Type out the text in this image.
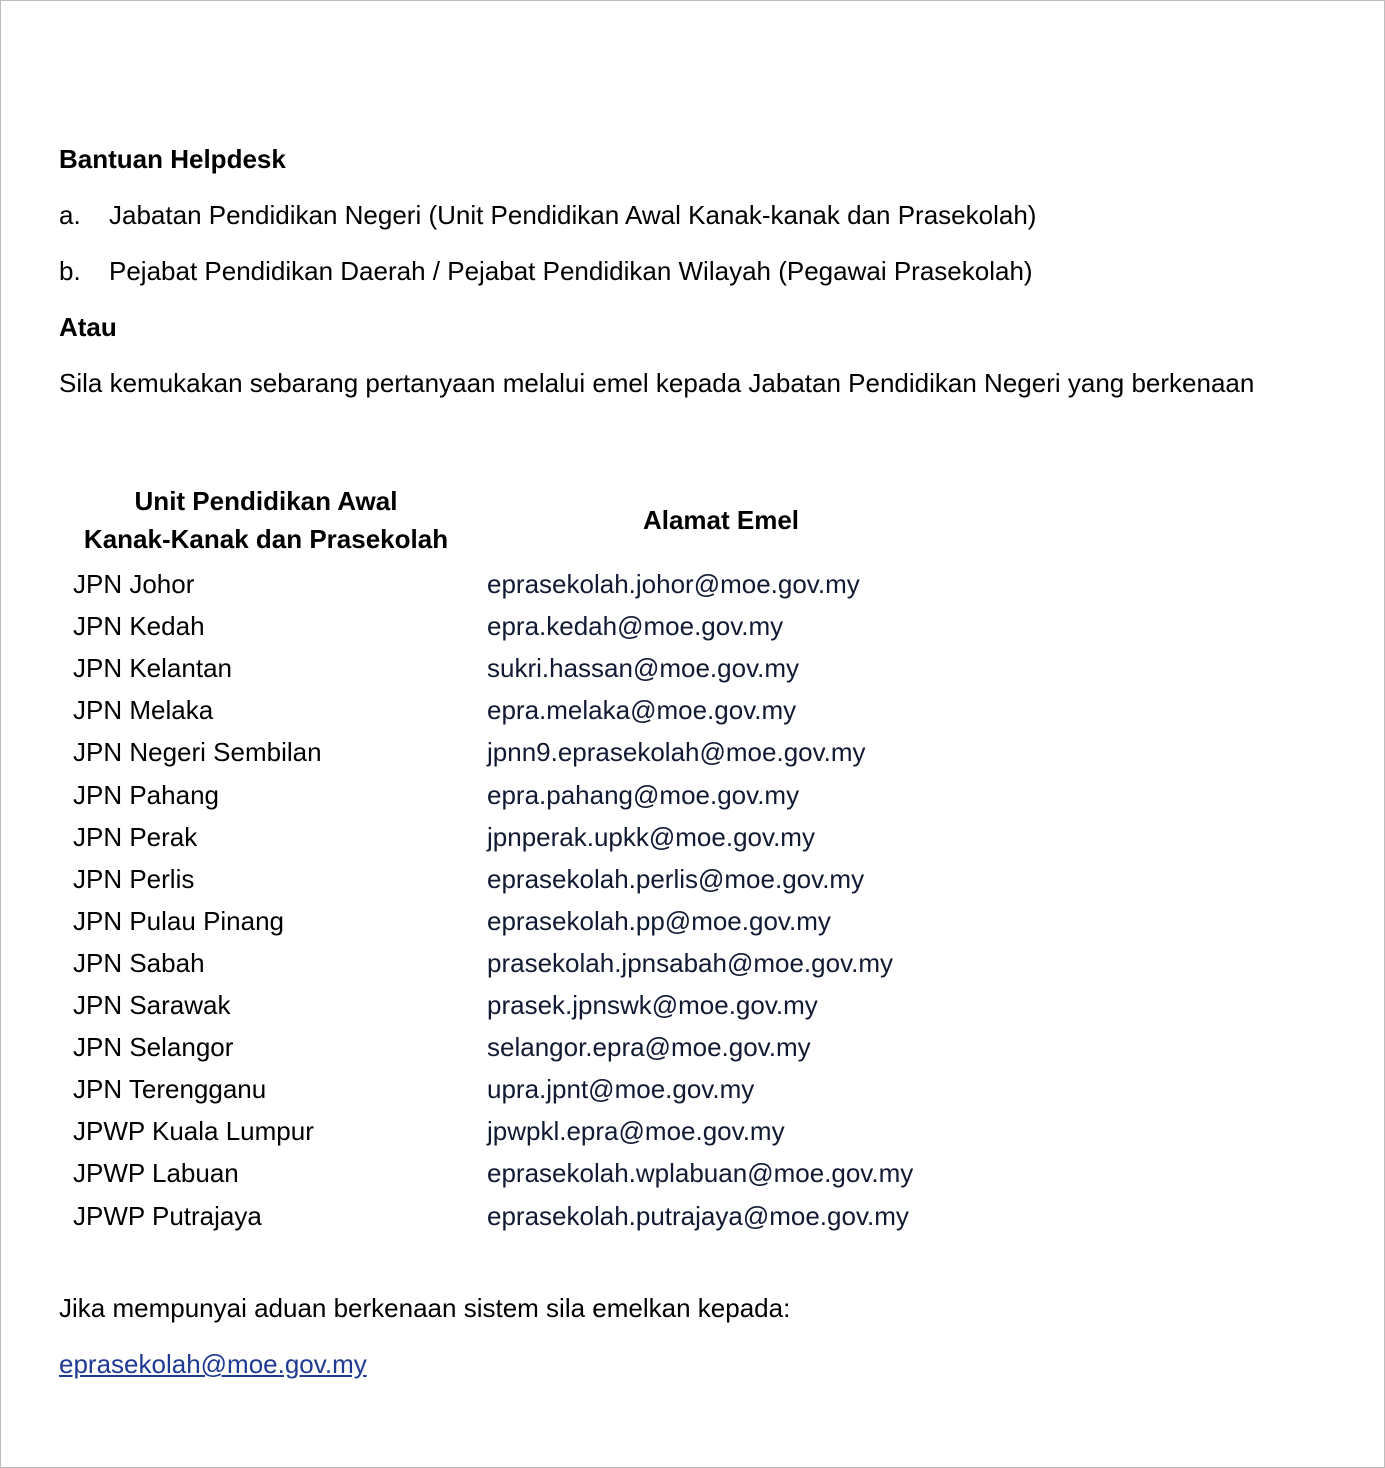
Bantuan Helpdesk
a. Jabatan Pendidikan Negeri (Unit Pendidikan Awal Kanak-kanak dan Prasekolah)
b. Pejabat Pendidikan Daerah / Pejabat Pendidikan Wilayah (Pegawai Prasekolah)
Atau
Sila kemukakan sebarang pertanyaan melalui emel kepada Jabatan Pendidikan Negeri yang berkenaan
Unit Pendidikan Awal
Kanak-Kanak dan Prasekolah
Alamat Emel
JPN Johor	eprasekolah.johor@moe.gov.my
JPN Kedah	epra.kedah@moe.gov.my
JPN Kelantan	sukri.hassan@moe.gov.my
JPN Melaka	epra.melaka@moe.gov.my
JPN Negeri Sembilan	jpnn9.eprasekolah@moe.gov.my
JPN Pahang	epra.pahang@moe.gov.my
JPN Perak	jpnperak.upkk@moe.gov.my
JPN Perlis	eprasekolah.perlis@moe.gov.my
JPN Pulau Pinang	eprasekolah.pp@moe.gov.my
JPN Sabah	prasekolah.jpnsabah@moe.gov.my
JPN Sarawak	prasek.jpnswk@moe.gov.my
JPN Selangor	selangor.epra@moe.gov.my
JPN Terengganu	upra.jpnt@moe.gov.my
JPWP Kuala Lumpur	jpwpkl.epra@moe.gov.my
JPWP Labuan	eprasekolah.wplabuan@moe.gov.my
JPWP Putrajaya	eprasekolah.putrajaya@moe.gov.my
Jika mempunyai aduan berkenaan sistem sila emelkan kepada:
eprasekolah@moe.gov.my
